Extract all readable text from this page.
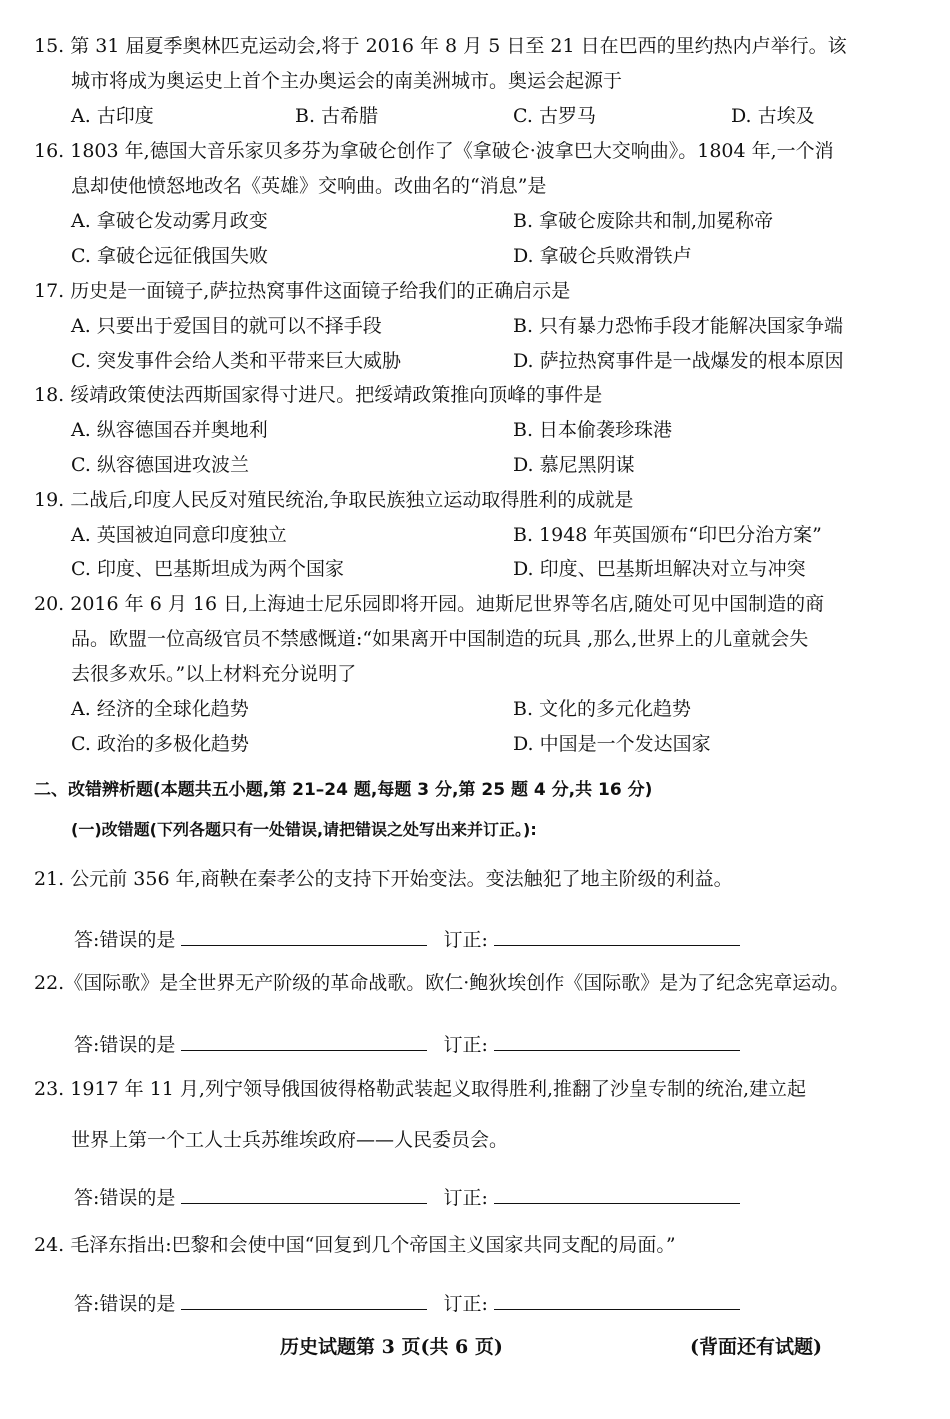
15. 第 31 届夏季奥林匹克运动会,将于 2016 年 8 月 5 日至 21 日在巴西的里约热内卢举行。该
城市将成为奥运史上首个主办奥运会的南美洲城市。奥运会起源于
A. 古印度	B. 古希腊	C. 古罗马	D. 古埃及
16. 1803 年,德国大音乐家贝多芬为拿破仑创作了《拿破仑·波拿巴大交响曲》。1804 年,一个消
息却使他愤怒地改名《英雄》交响曲。改曲名的“消息”是
A. 拿破仑发动雾月政变	B. 拿破仑废除共和制,加冕称帝
C. 拿破仑远征俄国失败	D. 拿破仑兵败滑铁卢
17. 历史是一面镜子,萨拉热窝事件这面镜子给我们的正确启示是
A. 只要出于爱国目的就可以不择手段	B. 只有暴力恐怖手段才能解决国家争端
C. 突发事件会给人类和平带来巨大威胁	D. 萨拉热窝事件是一战爆发的根本原因
18. 绥靖政策使法西斯国家得寸进尺。把绥靖政策推向顶峰的事件是
A. 纵容德国吞并奥地利	B. 日本偷袭珍珠港
C. 纵容德国进攻波兰	D. 慕尼黑阴谋
19. 二战后,印度人民反对殖民统治,争取民族独立运动取得胜利的成就是
A. 英国被迫同意印度独立	B. 1948 年英国颁布“印巴分治方案”
C. 印度、巴基斯坦成为两个国家	D. 印度、巴基斯坦解决对立与冲突
20. 2016 年 6 月 16 日,上海迪士尼乐园即将开园。迪斯尼世界等名店,随处可见中国制造的商
品。欧盟一位高级官员不禁感慨道:“如果离开中国制造的玩具 ,那么,世界上的儿童就会失
去很多欢乐。”以上材料充分说明了
A. 经济的全球化趋势	B. 文化的多元化趋势
C. 政治的多极化趋势	D. 中国是一个发达国家
二、改错辨析题(本题共五小题,第 21–24 题,每题 3 分,第 25 题 4 分,共 16 分)
(一)改错题(下列各题只有一处错误,请把错误之处写出来并订正。):
21. 公元前 356 年,商鞅在秦孝公的支持下开始变法。变法触犯了地主阶级的利益。
答:错误的是	订正:
22.《国际歌》是全世界无产阶级的革命战歌。欧仁·鲍狄埃创作《国际歌》是为了纪念宪章运动。
答:错误的是	订正:
23. 1917 年 11 月,列宁领导俄国彼得格勒武装起义取得胜利,推翻了沙皇专制的统治,建立起
世界上第一个工人士兵苏维埃政府——人民委员会。
答:错误的是	订正:
24. 毛泽东指出:巴黎和会使中国“回复到几个帝国主义国家共同支配的局面。”
答:错误的是	订正:
历史试题第 3 页(共 6 页)	(背面还有试题)
